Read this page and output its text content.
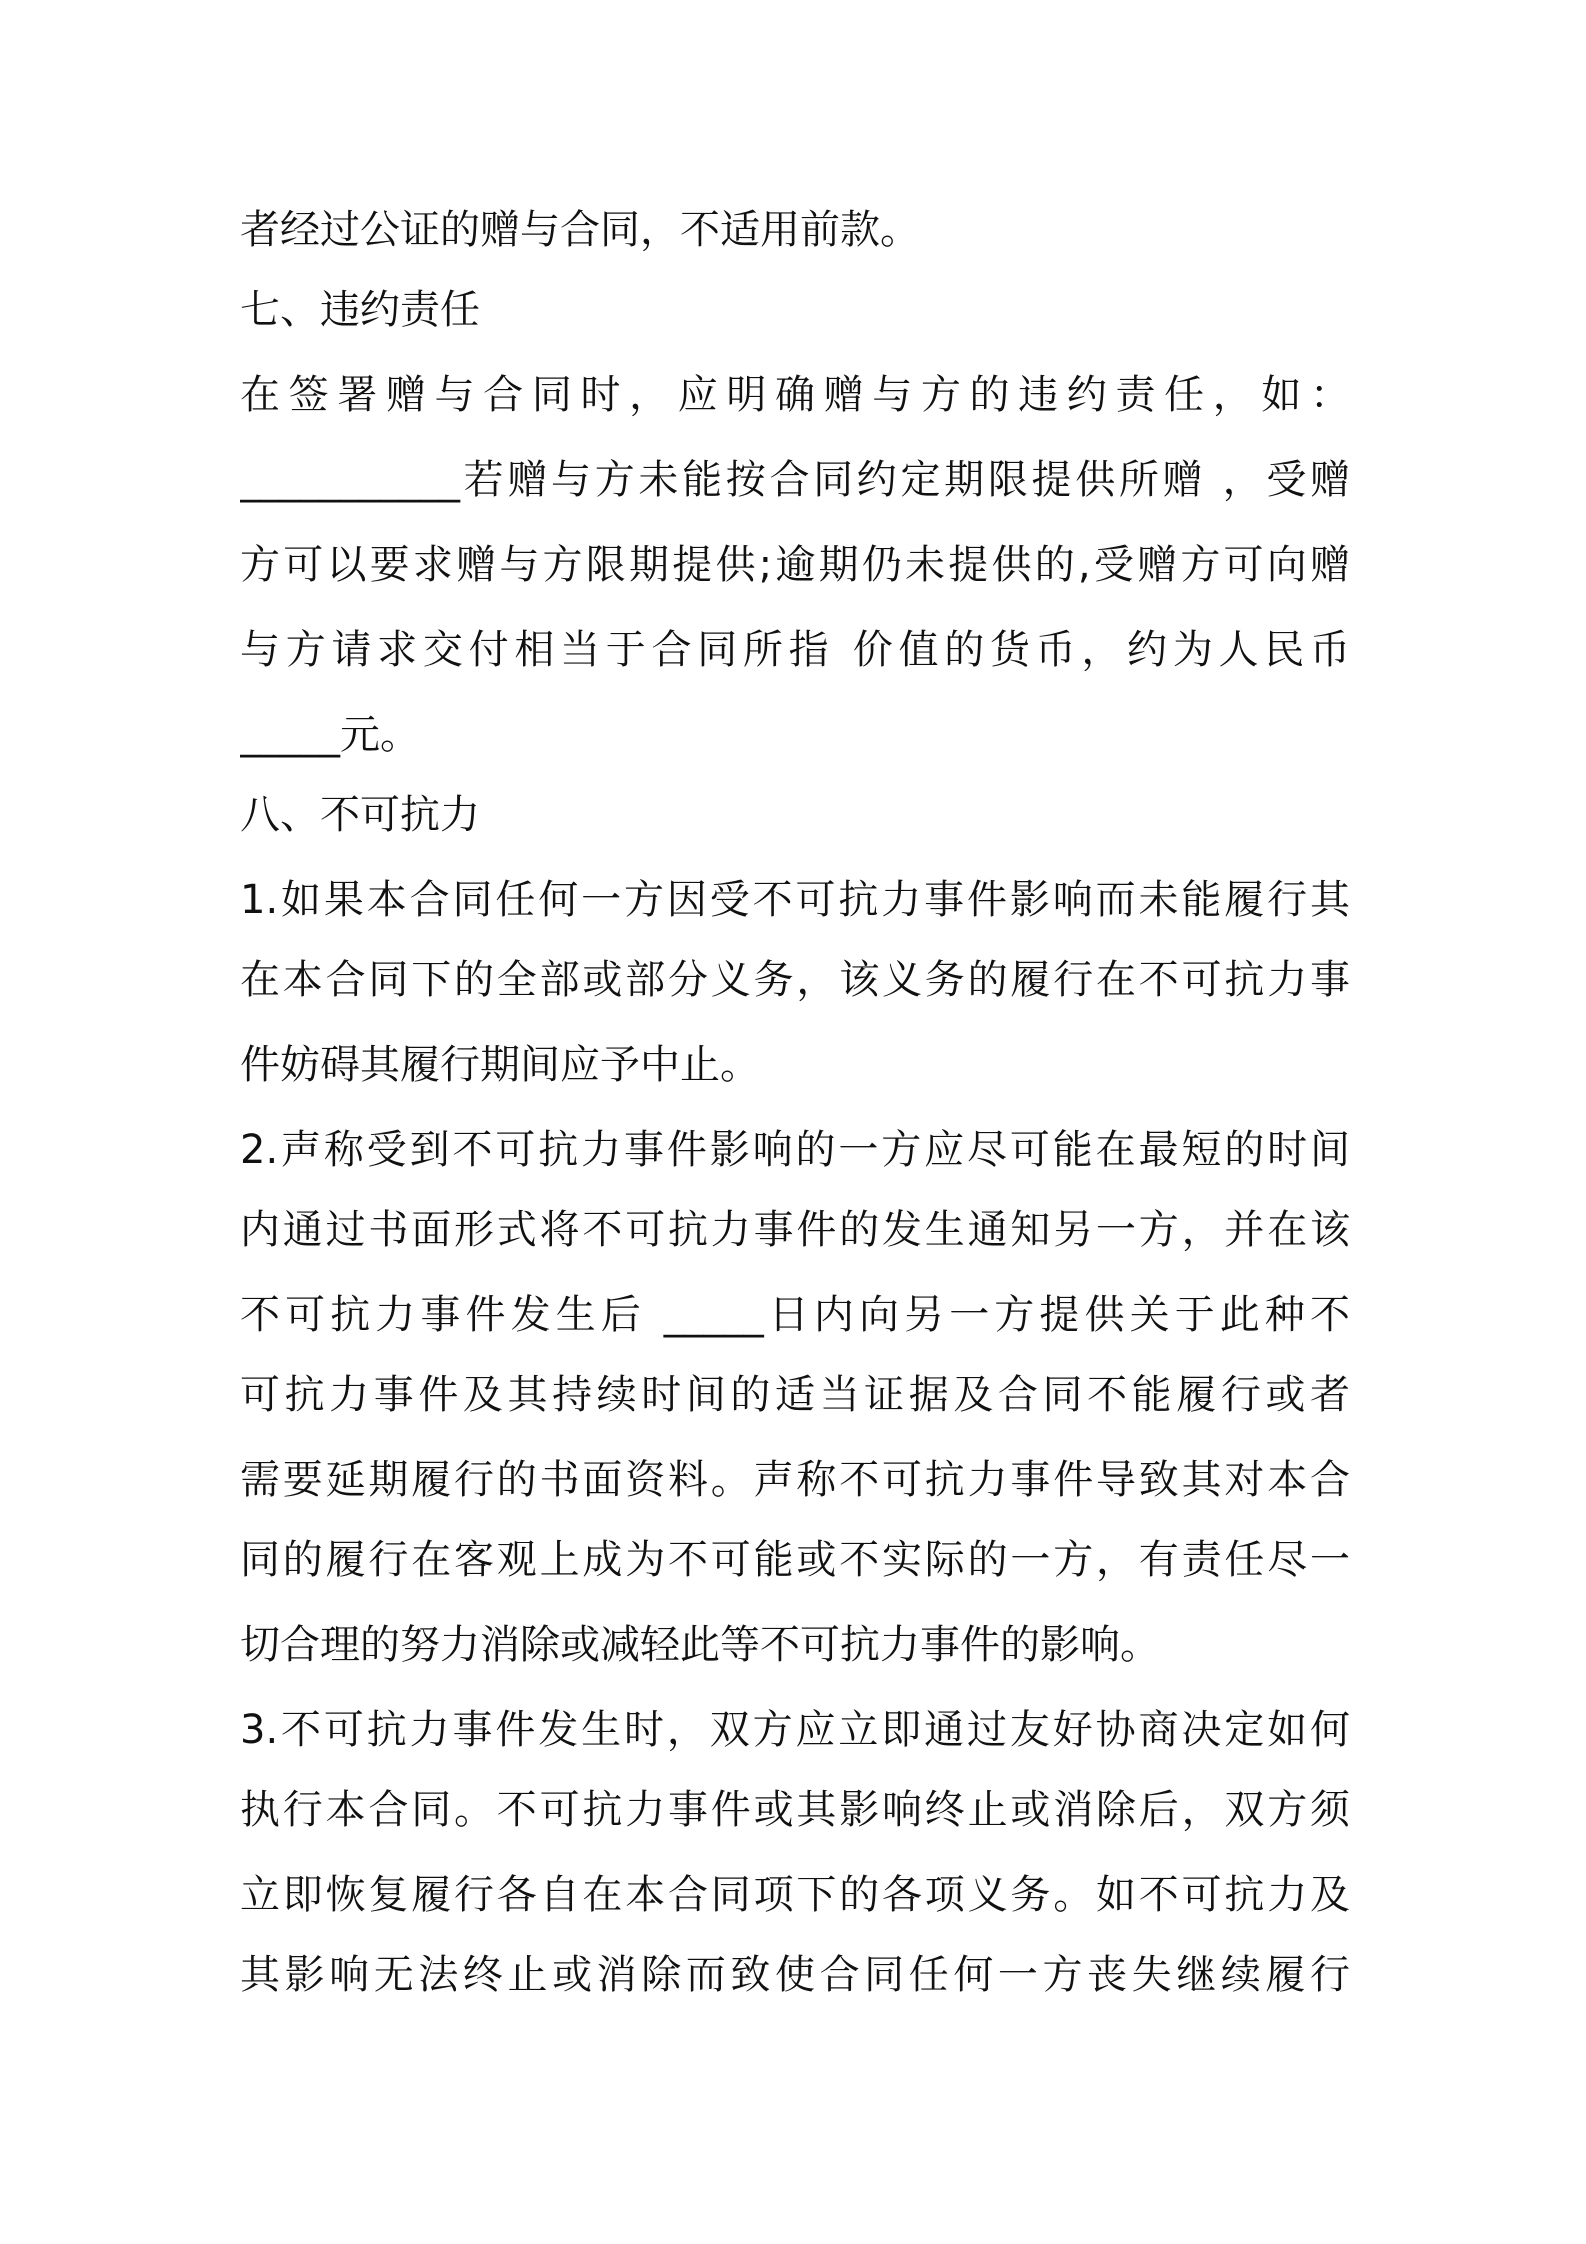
者经过公证的赠与合同，不适用前款。
七、违约责任
在签署赠与合同时，应明确赠与方的违约责任，如：
___________若赠与方未能按合同约定期限提供所赠 ，受赠
方可以要求赠与方限期提供;逾期仍未提供的,受赠方可向赠
与方请求交付相当于合同所指 价值的货币，约为人民币
_____元。
八、不可抗力
1.如果本合同任何一方因受不可抗力事件影响而未能履行其
在本合同下的全部或部分义务，该义务的履行在不可抗力事
件妨碍其履行期间应予中止。
2.声称受到不可抗力事件影响的一方应尽可能在最短的时间
内通过书面形式将不可抗力事件的发生通知另一方，并在该
不可抗力事件发生后 _____日内向另一方提供关于此种不
可抗力事件及其持续时间的适当证据及合同不能履行或者
需要延期履行的书面资料。声称不可抗力事件导致其对本合
同的履行在客观上成为不可能或不实际的一方，有责任尽一
切合理的努力消除或减轻此等不可抗力事件的影响。
3.不可抗力事件发生时，双方应立即通过友好协商决定如何
执行本合同。不可抗力事件或其影响终止或消除后，双方须
立即恢复履行各自在本合同项下的各项义务。如不可抗力及
其影响无法终止或消除而致使合同任何一方丧失继续履行
